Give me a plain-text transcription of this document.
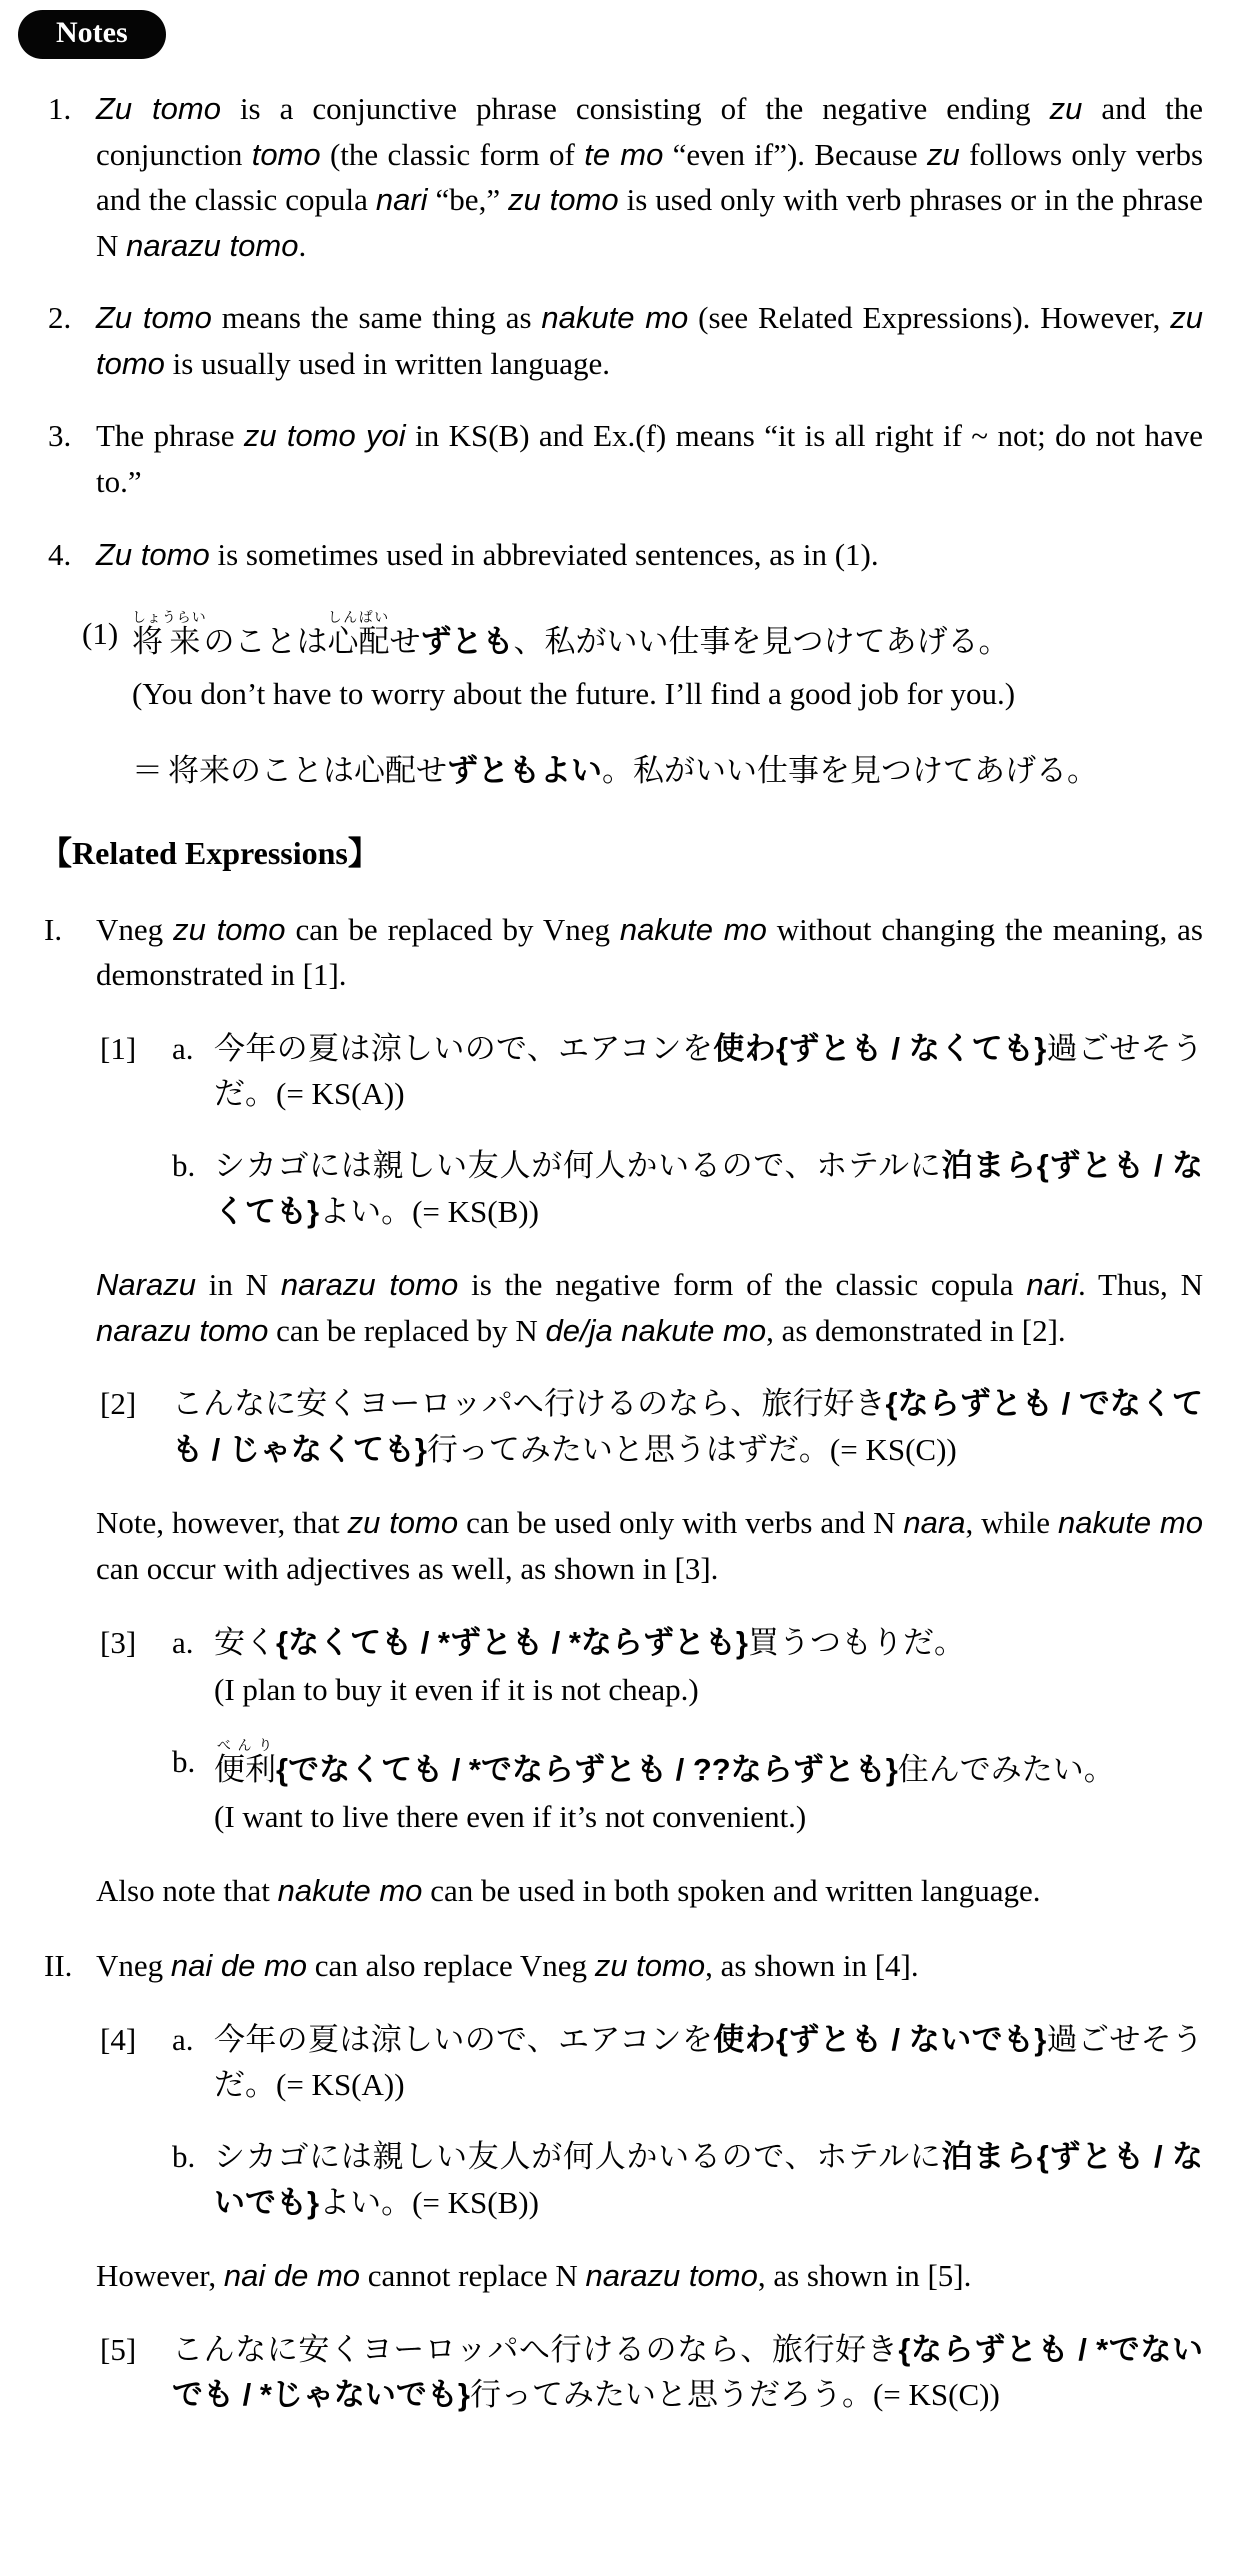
Notes
1. Zu tomo is a conjunctive phrase consisting of the negative ending zu and the conjunction tomo (the classic form of te mo “even if”). Because zu follows only verbs and the classic copula nari “be,” zu tomo is used only with verb phrases or in the phrase N narazu tomo.
2. Zu tomo means the same thing as nakute mo (see Related Expressions). However, zu tomo is usually used in written language.
3. The phrase zu tomo yoi in KS(B) and Ex.(f) means “it is all right if ~ not; do not have to.”
4. Zu tomo is sometimes used in abbreviated sentences, as in (1).
(1) 将来しょうらいのことは心配しんぱいせずとも、私がいい仕事を見つけてあげる。
(You don’t have to worry about the future. I’ll find a good job for you.)
＝ 将来のことは心配せずともよい。私がいい仕事を見つけてあげる。
【Related Expressions】
I.	Vneg zu tomo can be replaced by Vneg nakute mo without changing the meaning, as demonstrated in [1].
[1]	a. 今年の夏は涼しいので、エアコンを使わ{ずとも / なくても}過ごせそうだ。(= KS(A))
b. シカゴには親しい友人が何人かいるので、ホテルに泊まら{ずとも / なくても}よい。(= KS(B))
Narazu in N narazu tomo is the negative form of the classic copula nari. Thus, N narazu tomo can be replaced by N de/ja nakute mo, as demonstrated in [2].
[2]	こんなに安くヨーロッパへ行けるのなら、旅行好き{ならずとも / でなくても / じゃなくても}行ってみたいと思うはずだ。(= KS(C))
Note, however, that zu tomo can be used only with verbs and N nara, while nakute mo can occur with adjectives as well, as shown in [3].
[3]	a. 安く{なくても / *ずとも / *ならずとも}買うつもりだ。
(I plan to buy it even if it is not cheap.)
b. 便利べんり{でなくても / *でならずとも / ??ならずとも}住んでみたい。
(I want to live there even if it’s not convenient.)
Also note that nakute mo can be used in both spoken and written language.
II. Vneg nai de mo can also replace Vneg zu tomo, as shown in [4].
[4]	a. 今年の夏は涼しいので、エアコンを使わ{ずとも / ないでも}過ごせそうだ。(= KS(A))
b. シカゴには親しい友人が何人かいるので、ホテルに泊まら{ずとも / ないでも}よい。(= KS(B))
However, nai de mo cannot replace N narazu tomo, as shown in [5].
[5]	こんなに安くヨーロッパへ行けるのなら、旅行好き{ならずとも / *でないでも / *じゃないでも}行ってみたいと思うだろう。(= KS(C))
